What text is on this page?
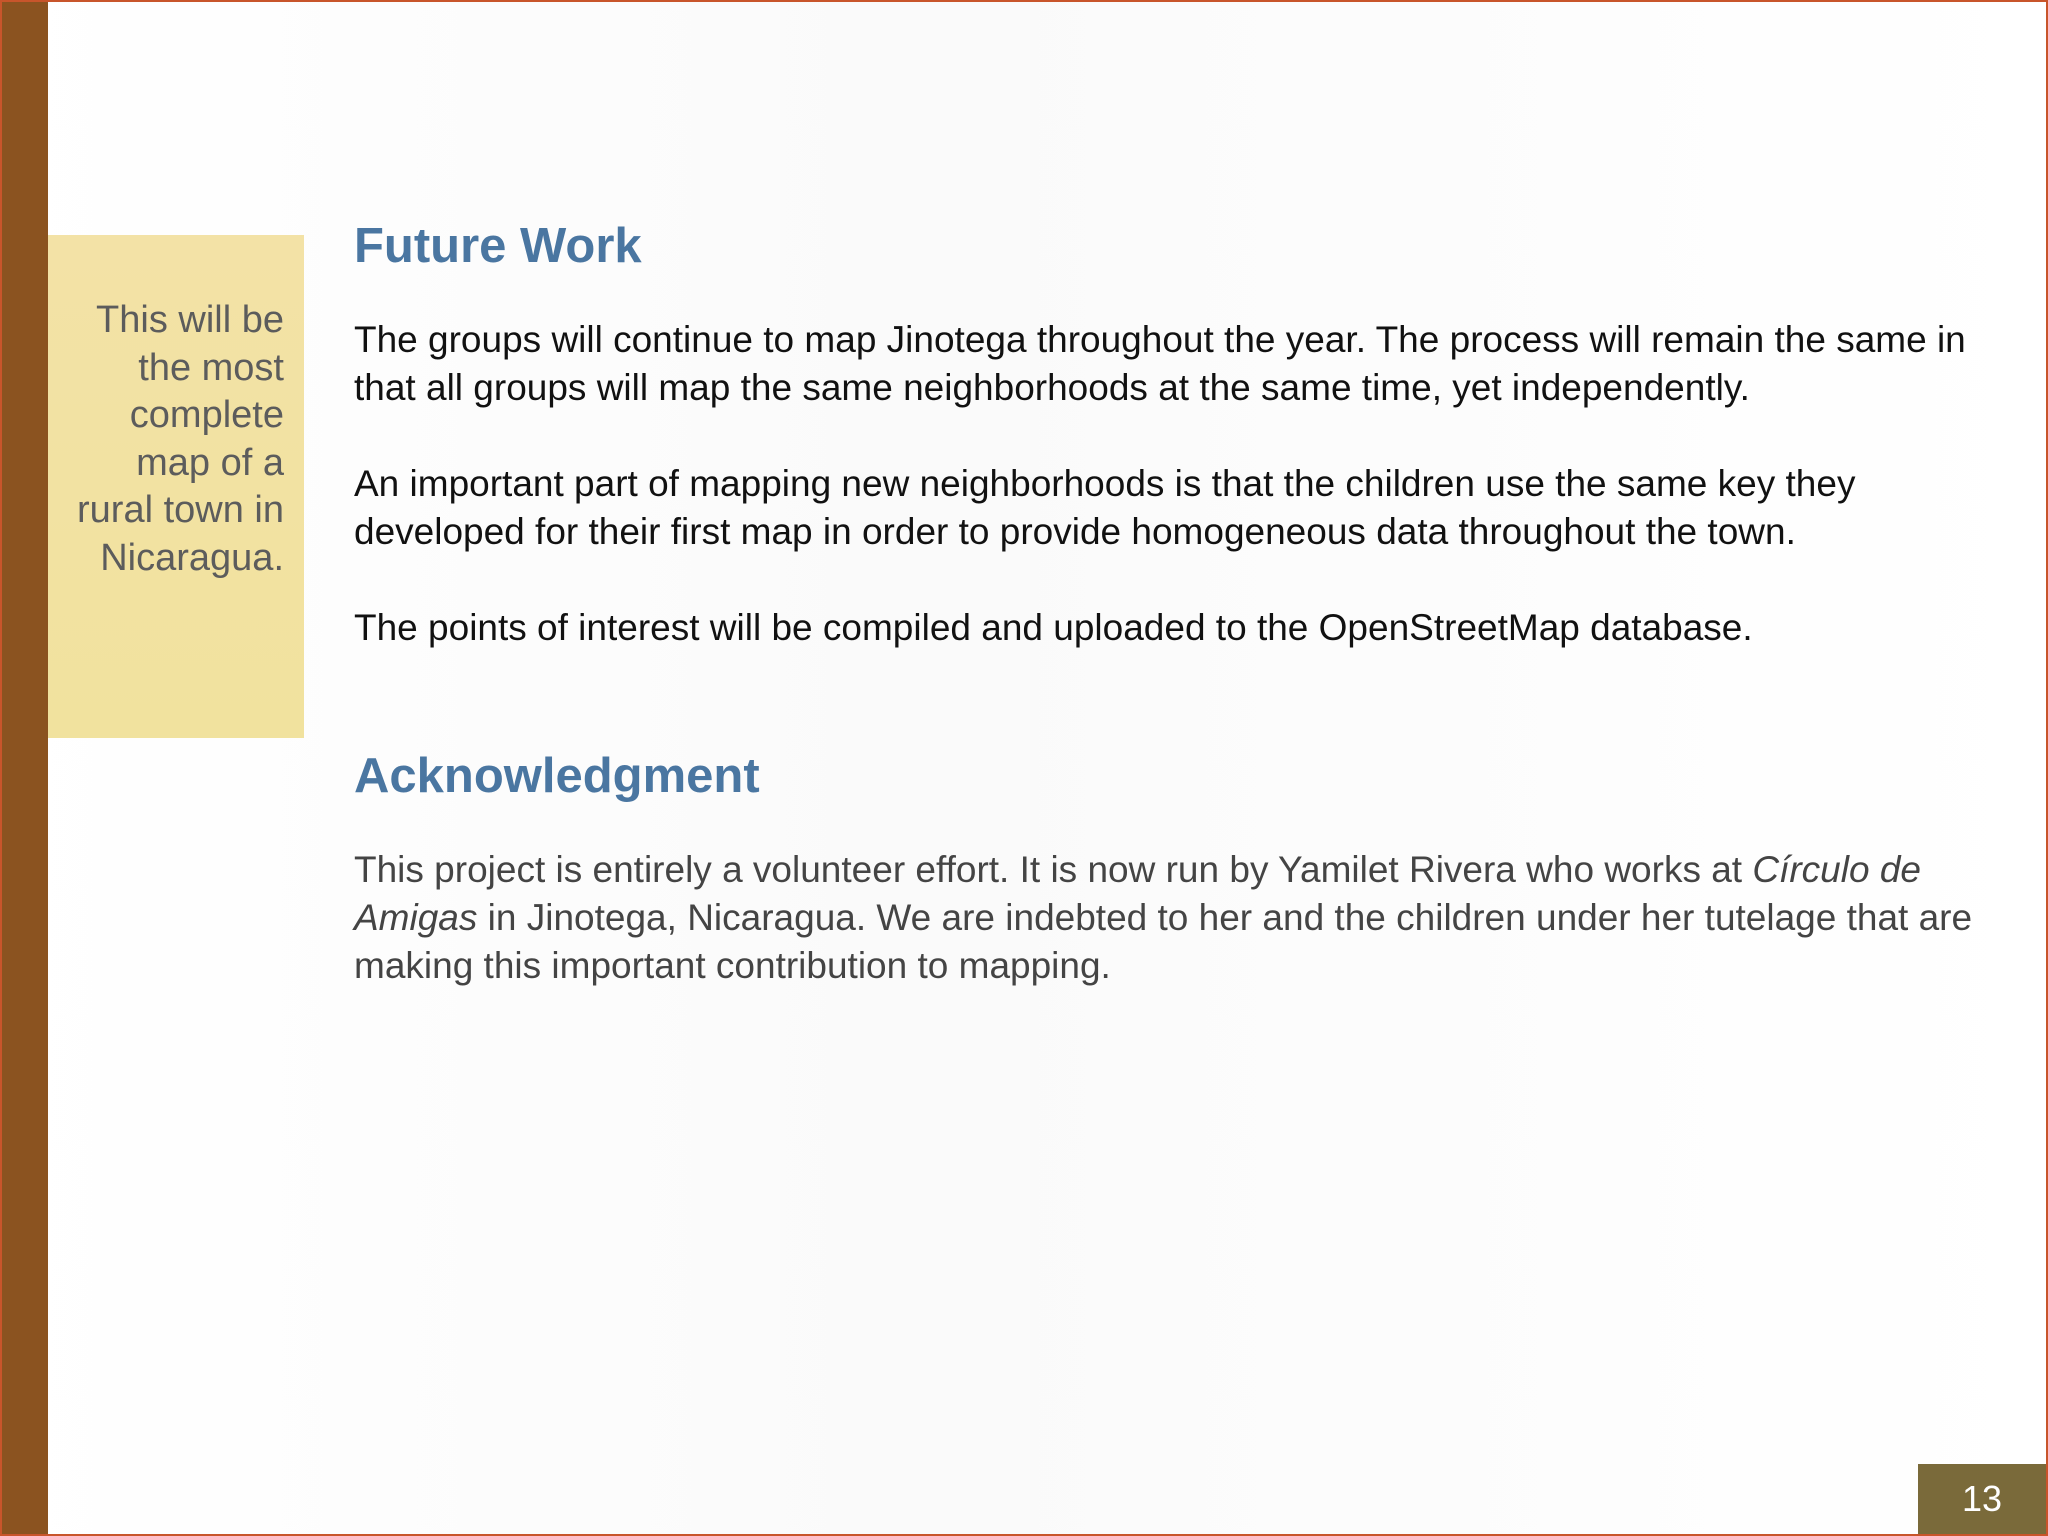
This will be the most complete map of a rural town in Nicaragua.

Future Work

The groups will continue to map Jinotega throughout the year. The process will remain the same in that all groups will map the same neighborhoods at the same time, yet independently.

An important part of mapping new neighborhoods is that the children use the same key they developed for their first map in order to provide homogeneous data throughout the town.

The points of interest will be compiled and uploaded to the OpenStreetMap database.

Acknowledgment

This project is entirely a volunteer effort. It is now run by Yamilet Rivera who works at Círculo de Amigas in Jinotega, Nicaragua. We are indebted to her and the children under her tutelage that are making this important contribution to mapping.

13
